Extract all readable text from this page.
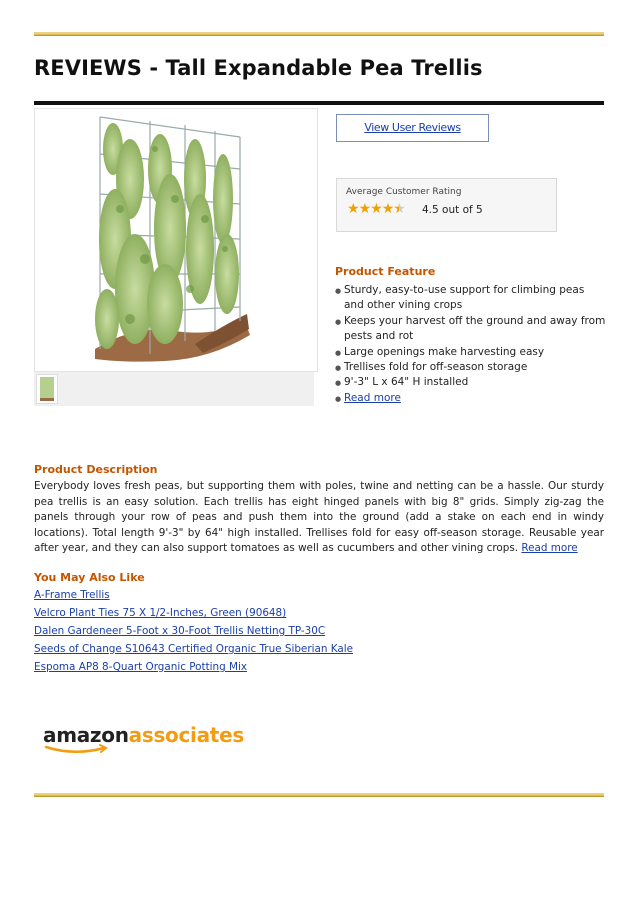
REVIEWS - Tall Expandable Pea Trellis
View User Reviews
Average Customer Rating
★★★★★ 4.5 out of 5
Product Feature
● Sturdy, easy-to-use support for climbing peas and other vining crops
● Keeps your harvest off the ground and away from pests and rot
● Large openings make harvesting easy
● Trellises fold for off-season storage
● 9'-3" L x 64" H installed
● Read more
Product Description

Everybody loves fresh peas, but supporting them with poles, twine and netting can be a hassle. Our sturdy pea trellis is an easy solution. Each trellis has eight hinged panels with big 8" grids. Simply zig-zag the panels through your row of peas and push them into the ground (add a stake on each end in windy locations). Total length 9'-3" by 64" high installed. Trellises fold for easy off-season storage. Reusable year after year, and they can also support tomatoes as well as cucumbers and other vining crops. Read more

You May Also Like
A-Frame Trellis
Velcro Plant Ties 75 X 1/2-Inches, Green (90648)
Dalen Gardeneer 5-Foot x 30-Foot Trellis Netting TP-30C
Seeds of Change S10643 Certified Organic True Siberian Kale
Espoma AP8 8-Quart Organic Potting Mix
amazonassociates
